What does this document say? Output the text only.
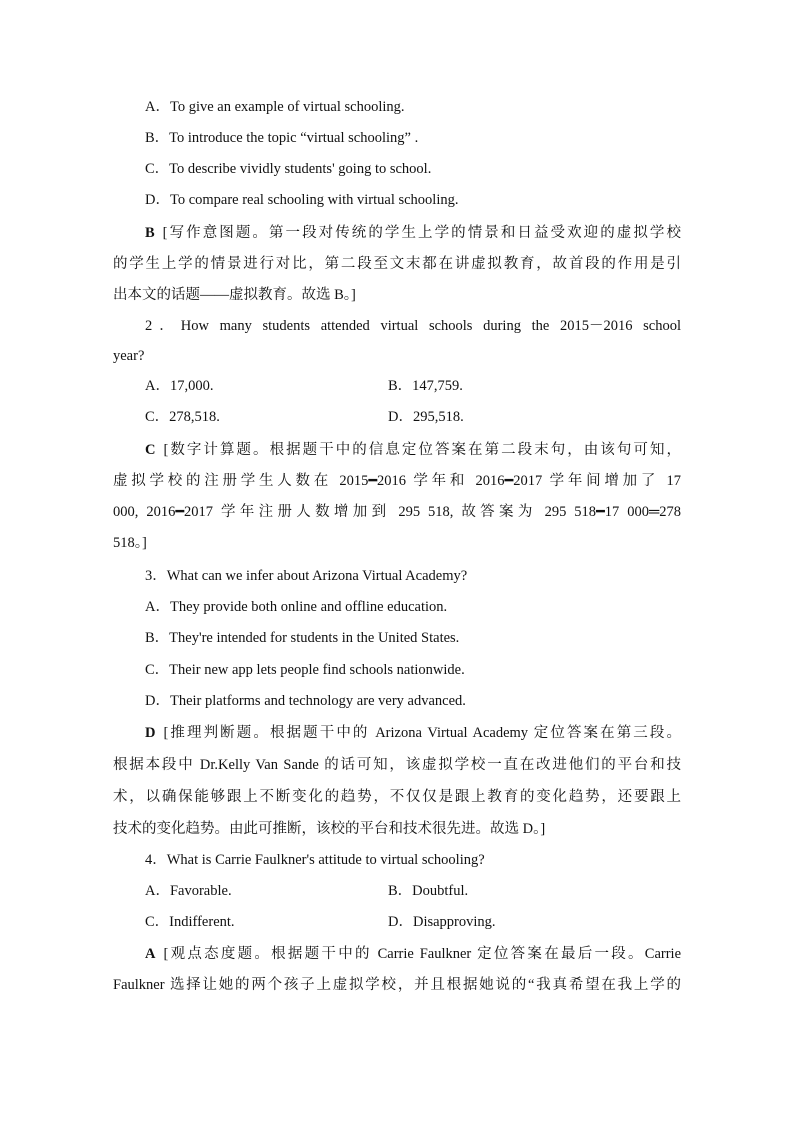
A．To give an example of virtual schooling.
B．To introduce the topic “virtual schooling” .
C．To describe vividly students' going to school.
D．To compare real schooling with virtual schooling.
B [写作意图题。第一段对传统的学生上学的情景和日益受欢迎的虚拟学校
的学生上学的情景进行对比，第二段至文末都在讲虚拟教育，故首段的作用是引
出本文的话题——虚拟教育。故选 B。]
2．How many students attended virtual schools during the 2015－2016 school
year?
A．17,000.	B．147,759.
C．278,518.	D．295,518.
C [数字计算题。根据题干中的信息定位答案在第二段末句，由该句可知，
虚拟学校的注册学生人数在 2015━2016 学年和 2016━2017 学年间增加了 17
000, 2016━2017 学年注册人数增加到 295 518, 故答案为 295 518━17 000═278
518。]
3．What can we infer about Arizona Virtual Academy?
A．They provide both online and offline education.
B．They're intended for students in the United States.
C．Their new app lets people find schools nationwide.
D．Their platforms and technology are very advanced.
D [推理判断题。根据题干中的 Arizona Virtual Academy 定位答案在第三段。
根据本段中 Dr.Kelly Van Sande 的话可知，该虚拟学校一直在改进他们的平台和技
术，以确保能够跟上不断变化的趋势，不仅仅是跟上教育的变化趋势，还要跟上
技术的变化趋势。由此可推断，该校的平台和技术很先进。故选 D。]
4．What is Carrie Faulkner's attitude to virtual schooling?
A．Favorable.	B．Doubtful.
C．Indifferent.	D．Disapproving.
A [观点态度题。根据题干中的 Carrie Faulkner 定位答案在最后一段。Carrie
Faulkner 选择让她的两个孩子上虚拟学校，并且根据她说的“我真希望在我上学的
